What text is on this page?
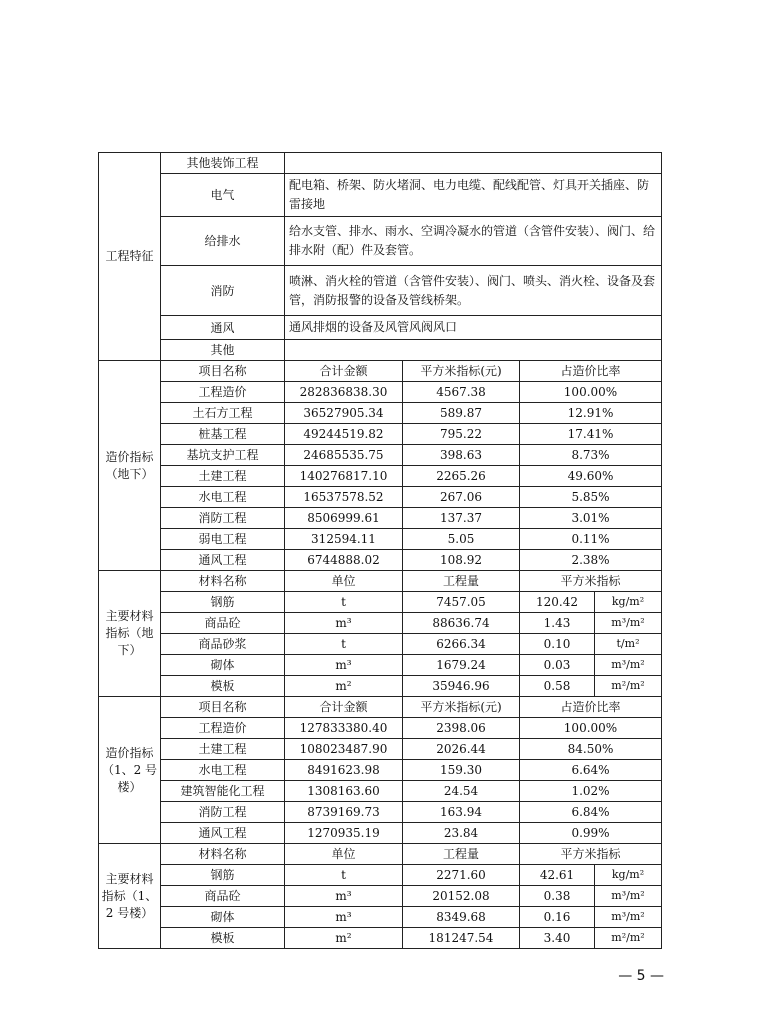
工程特征	其他装饰工程				
	电气	配电箱、桥架、防火堵洞、电力电缆、配线配管、灯具开关插座、防雷接地			
	给排水	给水支管、排水、雨水、空调冷凝水的管道（含管件安装）、阀门、给排水附（配）件及套管。			
	消防	喷淋、消火栓的管道（含管件安装）、阀门、喷头、消火栓、设备及套管，消防报警的设备及管线桥架。			
	通风	通风排烟的设备及风管风阀风口			
	其他				
造价指标（地下）	项目名称	合计金额	平方米指标(元)	占造价比率	
	工程造价	282836838.30	4567.38	100.00%	
	土石方工程	36527905.34	589.87	12.91%	
	桩基工程	49244519.82	795.22	17.41%	
	基坑支护工程	24685535.75	398.63	8.73%	
	土建工程	140276817.10	2265.26	49.60%	
	水电工程	16537578.52	267.06	5.85%	
	消防工程	8506999.61	137.37	3.01%	
	弱电工程	312594.11	5.05	0.11%	
	通风工程	6744888.02	108.92	2.38%	
主要材料指标（地下）	材料名称	单位	工程量	平方米指标	
	钢筋	t	7457.05	120.42	kg/m²
	商品砼	m³	88636.74	1.43	m³/m²
	商品砂浆	t	6266.34	0.10	t/m²
	砌体	m³	1679.24	0.03	m³/m²
	模板	m²	35946.96	0.58	m²/m²
造价指标（1、2 号楼）	项目名称	合计金额	平方米指标(元)	占造价比率	
	工程造价	127833380.40	2398.06	100.00%	
	土建工程	108023487.90	2026.44	84.50%	
	水电工程	8491623.98	159.30	6.64%	
	建筑智能化工程	1308163.60	24.54	1.02%	
	消防工程	8739169.73	163.94	6.84%	
	通风工程	1270935.19	23.84	0.99%	
主要材料指标（1、2 号楼）	材料名称	单位	工程量	平方米指标	
	钢筋	t	2271.60	42.61	kg/m²
	商品砼	m³	20152.08	0.38	m³/m²
	砌体	m³	8349.68	0.16	m³/m²
	模板	m²	181247.54	3.40	m²/m²
— 5 —
